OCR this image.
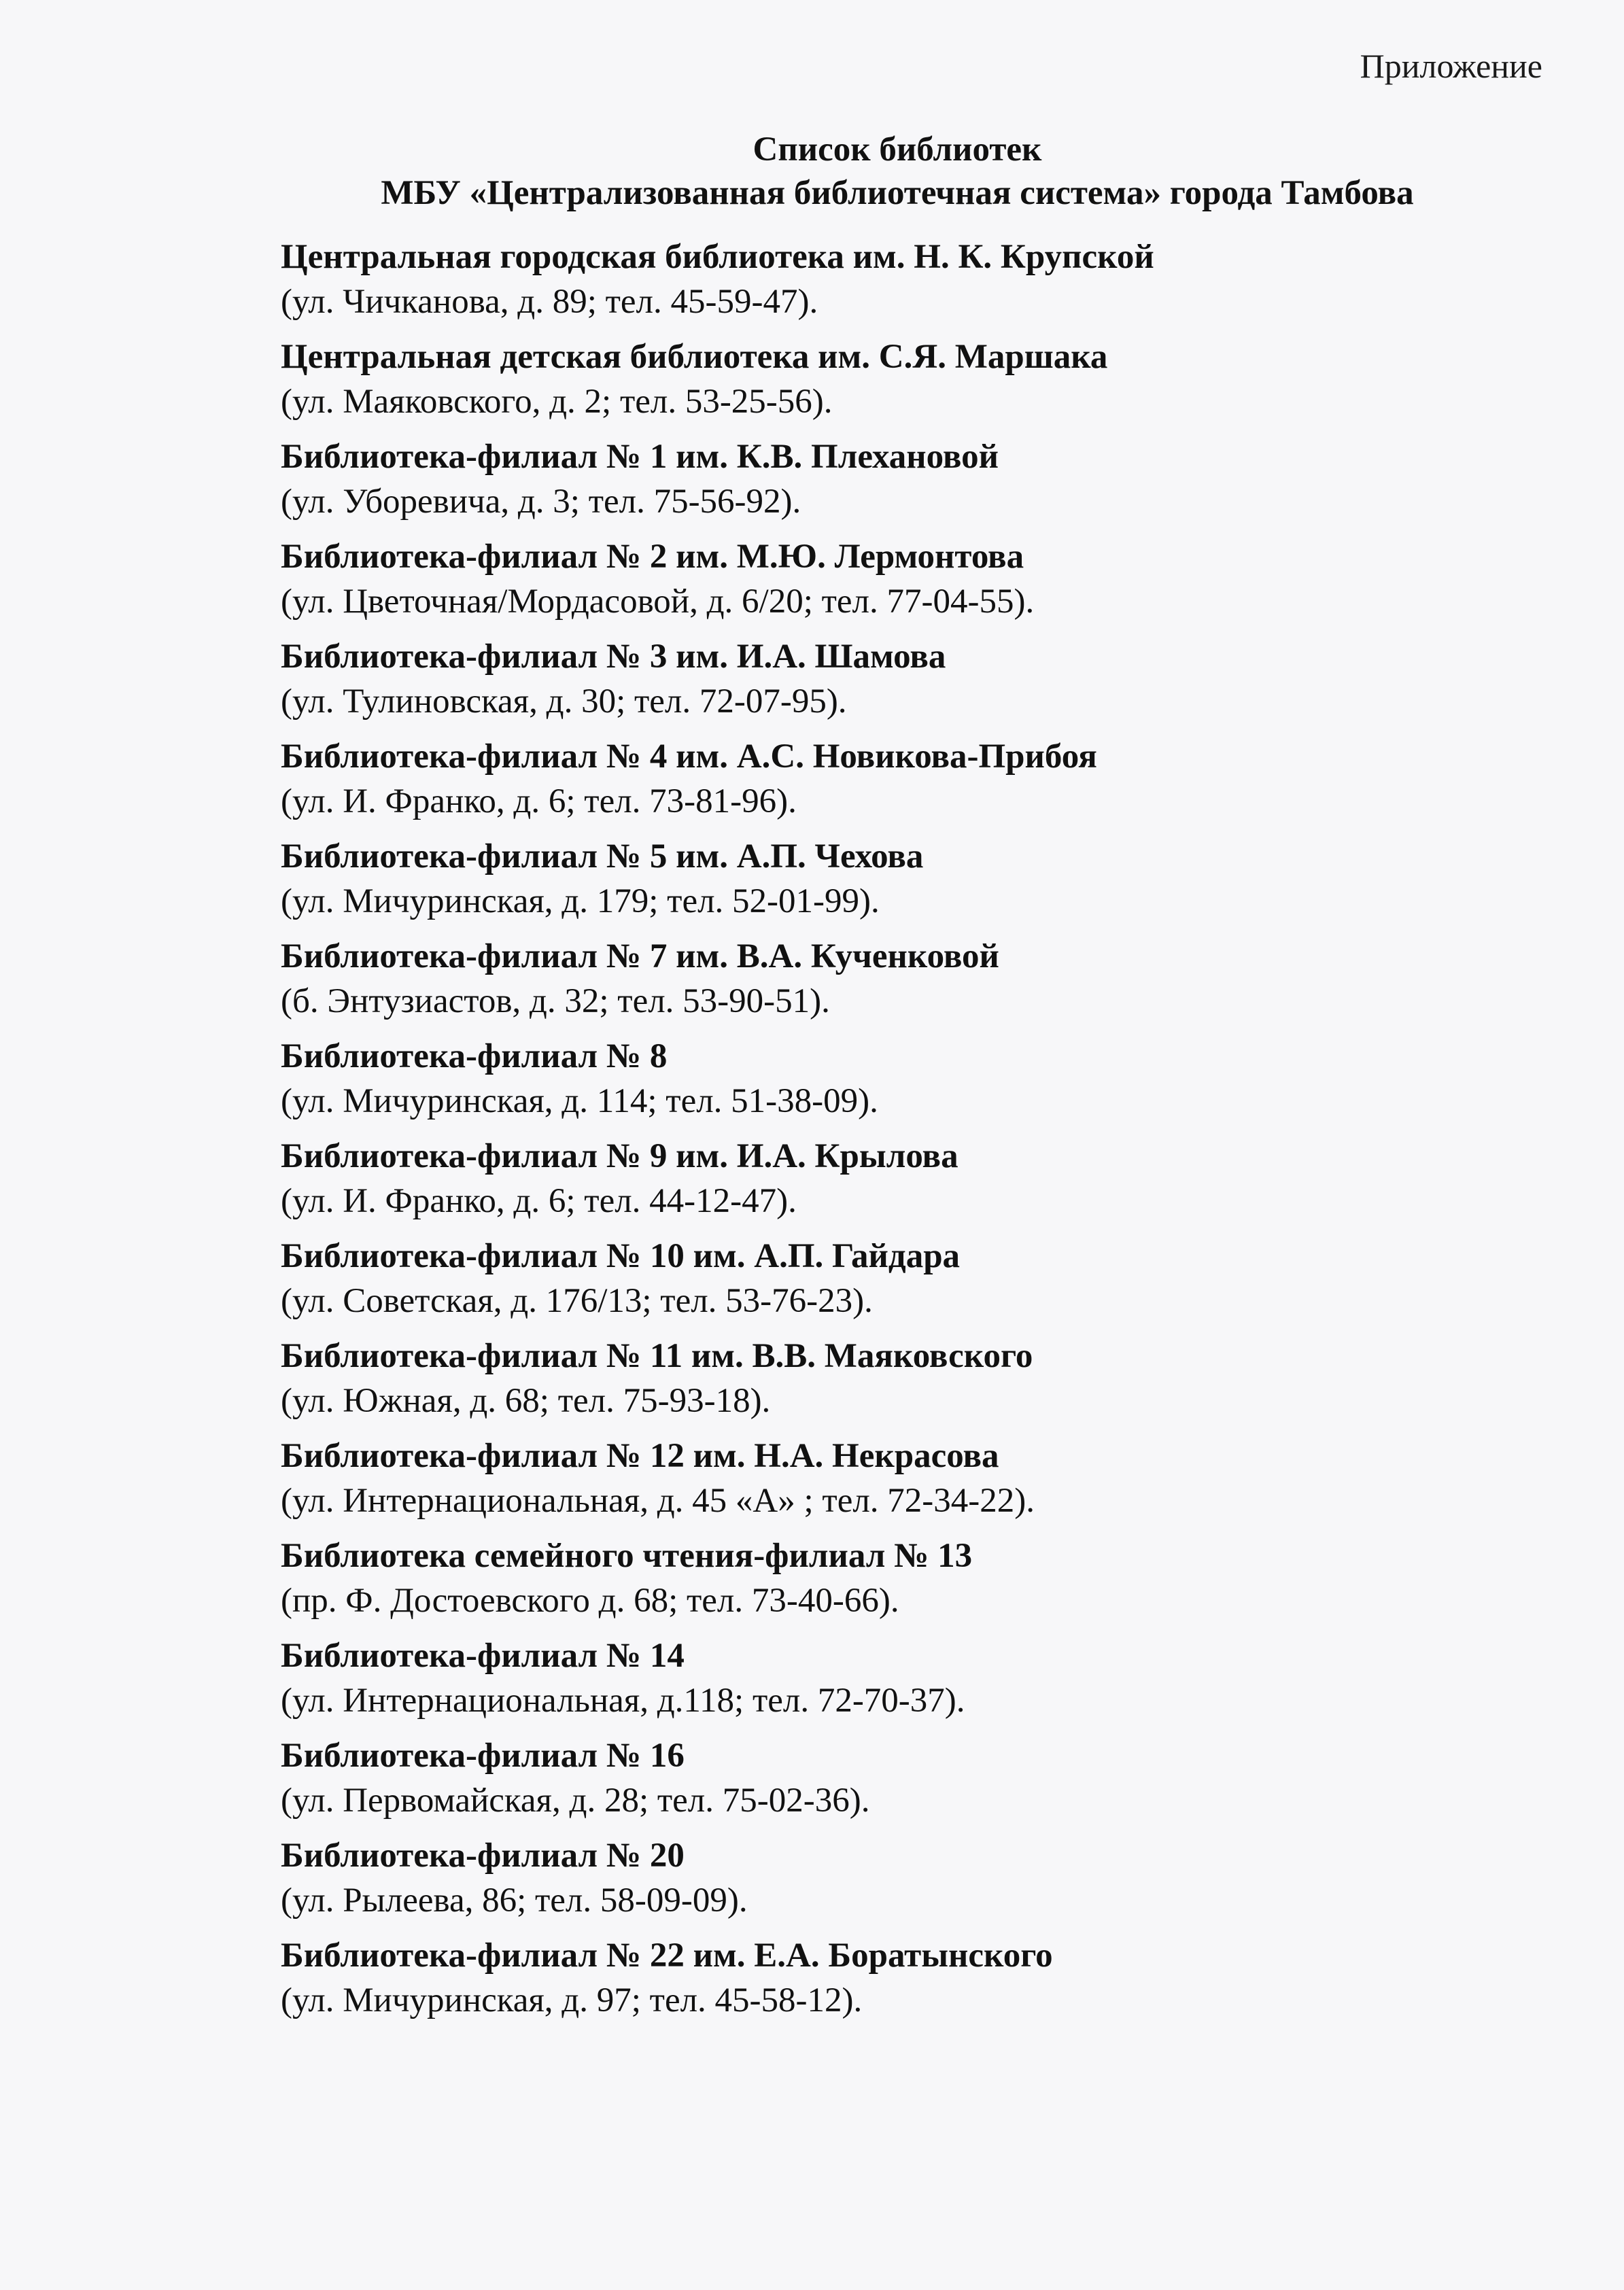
Приложение
Список библиотек
МБУ «Централизованная библиотечная система» города Тамбова
Центральная городская библиотека им. Н. К. Крупской
(ул. Чичканова, д. 89; тел. 45-59-47).
Центральная детская библиотека им. С.Я. Маршака
(ул. Маяковского, д. 2; тел. 53-25-56).
Библиотека-филиал № 1 им. К.В. Плехановой
(ул. Уборевича, д. 3; тел. 75-56-92).
Библиотека-филиал № 2 им. М.Ю. Лермонтова
(ул. Цветочная/Мордасовой, д. 6/20; тел. 77-04-55).
Библиотека-филиал № 3 им. И.А. Шамова
(ул. Тулиновская, д. 30; тел. 72-07-95).
Библиотека-филиал № 4 им. А.С. Новикова-Прибоя
(ул. И. Франко, д. 6; тел. 73-81-96).
Библиотека-филиал № 5 им. А.П. Чехова
(ул. Мичуринская, д. 179; тел. 52-01-99).
Библиотека-филиал № 7 им. В.А. Кученковой
(б. Энтузиастов, д. 32; тел. 53-90-51).
Библиотека-филиал № 8
(ул. Мичуринская, д. 114; тел. 51-38-09).
Библиотека-филиал № 9 им. И.А. Крылова
(ул. И. Франко, д. 6; тел. 44-12-47).
Библиотека-филиал № 10 им. А.П. Гайдара
(ул. Советская, д. 176/13; тел. 53-76-23).
Библиотека-филиал № 11 им. В.В. Маяковского
(ул. Южная, д. 68; тел. 75-93-18).
Библиотека-филиал № 12 им. Н.А. Некрасова
(ул. Интернациональная, д. 45 «А» ; тел. 72-34-22).
Библиотека семейного чтения-филиал № 13
(пр. Ф. Достоевского д. 68; тел. 73-40-66).
Библиотека-филиал № 14
(ул. Интернациональная, д.118; тел. 72-70-37).
Библиотека-филиал № 16
(ул. Первомайская, д. 28; тел. 75-02-36).
Библиотека-филиал № 20
(ул. Рылеева, 86; тел. 58-09-09).
Библиотека-филиал № 22 им. Е.А. Боратынского
(ул. Мичуринская, д. 97; тел. 45-58-12).
